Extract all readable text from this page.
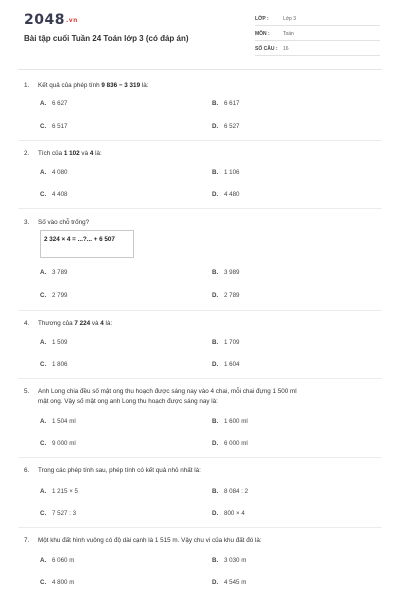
2048.vn
Bài tập cuối Tuần 24 Toán lớp 3 (có đáp án)
LỚP :	Lớp 3
MÔN :	Toán
SỐ CÂU : 16
1. Kết quả của phép tính 9 836 − 3 319 là:
A. 6 627	B. 6 617
C. 6 517	D. 6 527
2. Tích của 1 102 và 4 là:
A. 4 080	B. 1 106
C. 4 408	D. 4 480
3. Số vào chỗ trống?
2 324 × 4 = ...?... + 6 507
A. 3 789	B. 3 989
C. 2 799	D. 2 789
4. Thương của 7 224 và 4 là:
A. 1 509	B. 1 709
C. 1 806	D. 1 604
5. Anh Long chia đều số mật ong thu hoạch được sáng nay vào 4 chai, mỗi chai đựng 1 500 ml
mật ong. Vậy số mật ong anh Long thu hoạch được sáng nay là:
A. 1 504 ml	B. 1 600 ml
C. 9 000 ml	D. 6 000 ml
6. Trong các phép tính sau, phép tính có kết quả nhỏ nhất là:
A. 1 215 × 5	B. 8 084 : 2
C. 7 527 : 3	D. 800 × 4
7. Một khu đất hình vuông có độ dài cạnh là 1 515 m. Vậy chu vi của khu đất đó là:
A. 6 060 m	B. 3 030 m
C. 4 800 m	D. 4 545 m
